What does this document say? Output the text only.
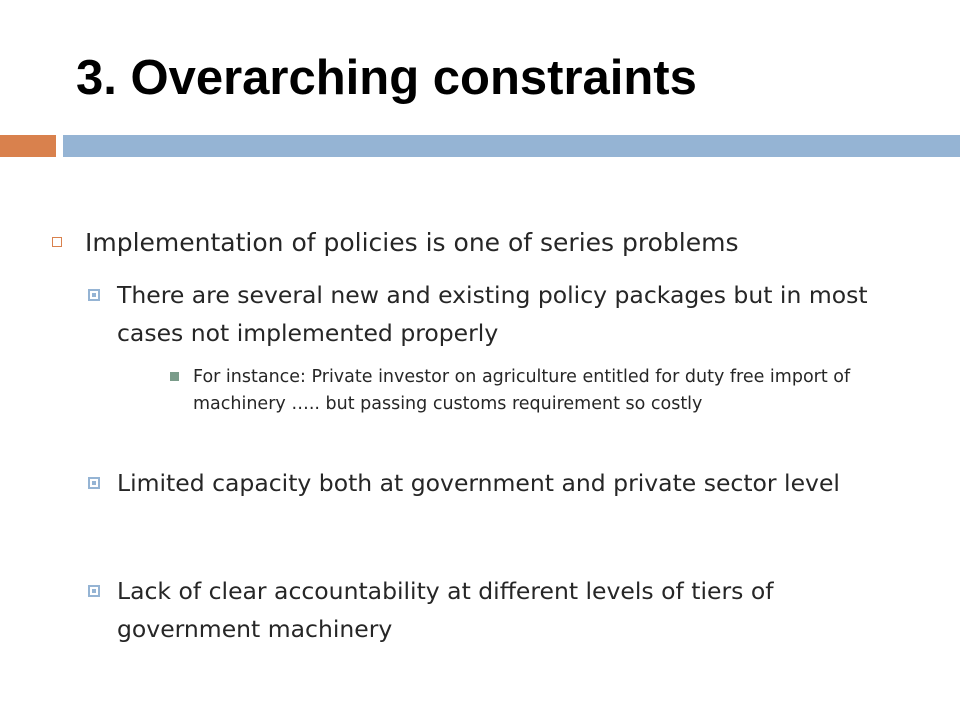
3. Overarching constraints
Implementation of policies is one of series problems
There are several new and existing policy packages but in most cases not implemented properly
For instance: Private investor on agriculture entitled for duty free import of machinery ….. but passing customs requirement so costly
Limited capacity both at government and private sector level
Lack of clear accountability at different levels of tiers of government machinery
